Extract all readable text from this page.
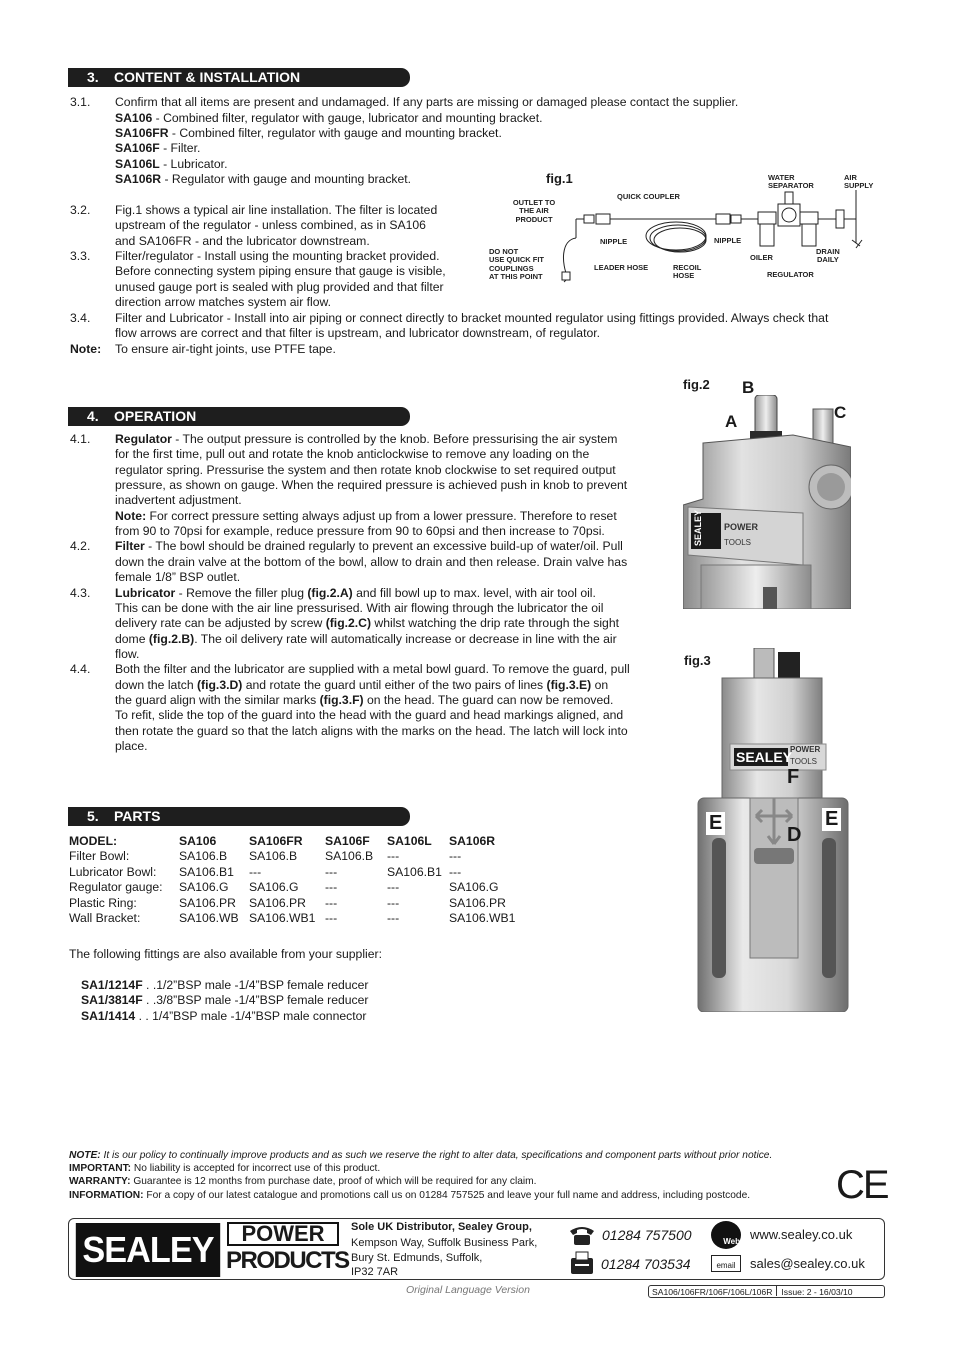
3. CONTENT & INSTALLATION
3.1. Confirm that all items are present and undamaged. If any parts are missing or damaged please contact the supplier.
SA106 - Combined filter, regulator with gauge, lubricator and mounting bracket.
SA106FR - Combined filter, regulator with gauge and mounting bracket.
SA106F - Filter.
SA106L - Lubricator.
SA106R - Regulator with gauge and mounting bracket.
3.2. Fig.1 shows a typical air line installation. The filter is located
upstream of the regulator - unless combined, as in SA106
and SA106FR - and the lubricator downstream.
3.3. Filter/regulator - Install using the mounting bracket provided.
Before connecting system piping ensure that gauge is visible,
unused gauge port is sealed with plug provided and that filter
direction arrow matches system air flow.
3.4. Filter and Lubricator - Install into air piping or connect directly to bracket mounted regulator using fittings provided. Always check that
flow arrows are correct and that filter is upstream, and lubricator downstream, of regulator.
Note: To ensure air-tight joints, use PTFE tape.
fig.1
OUTLET TO
THE AIR
PRODUCT
QUICK COUPLER
WATER
SEPARATOR
AIR
SUPPLY
NIPPLE	NIPPLE
DO NOT
USE QUICK FIT
COUPLINGS
AT THIS POINT
LEADER HOSE	RECOIL
HOSE
OILER
DRAIN
DAILY
REGULATOR
4. OPERATION
4.1. Regulator - The output pressure is controlled by the knob. Before pressurising the air system
for the first time, pull out and rotate the knob anticlockwise to remove any loading on the
regulator spring. Pressurise the system and then rotate knob clockwise to set required output
pressure, as shown on gauge. When the required pressure is achieved push in knob to prevent
inadvertent adjustment.
Note: For correct pressure setting always adjust up from a lower pressure. Therefore to reset
from 90 to 70psi for example, reduce pressure from 90 to 60psi and then increase to 70psi.
4.2. Filter - The bowl should be drained regularly to prevent an excessive build-up of water/oil. Pull
down the drain valve at the bottom of the bowl, allow to drain and then release. Drain valve has
female 1/8” BSP outlet.
4.3. Lubricator - Remove the filler plug (fig.2.A) and fill bowl up to max. level, with air tool oil.
This can be done with the air line pressurised. With air flowing through the lubricator the oil
delivery rate can be adjusted by screw (fig.2.C) whilst watching the drip rate through the sight
dome (fig.2.B). The oil delivery rate will automatically increase or decrease in line with the air
flow.
4.4. Both the filter and the lubricator are supplied with a metal bowl guard. To remove the guard, pull
down the latch (fig.3.D) and rotate the guard until either of the two pairs of lines (fig.3.E) on
the guard align with the similar marks (fig.3.F) on the head. The guard can now be removed.
To refit, slide the top of the guard into the head with the guard and head markings aligned, and
then rotate the guard so that the latch aligns with the marks on the head. The latch will lock into
place.
fig.2 B
A	C
SEALEY	POWER
TOOLS
fig.3
SEALEY
POWER
TOOLS
F
E	E
D
5. PARTS
MODEL:	SA106	SA106FR	SA106F	SA106L	SA106R
Filter Bowl:	SA106.B	SA106.B	SA106.B	---	---
Lubricator Bowl:	SA106.B1	---	---	SA106.B1	---
Regulator gauge:	SA106.G	SA106.G	---	---	SA106.G
Plastic Ring:	SA106.PR	SA106.PR	---	---	SA106.PR
Wall Bracket:	SA106.WB	SA106.WB1	---	---	SA106.WB1
The following fittings are also available from your supplier:
SA1/1214F . .1/2”BSP male -1/4”BSP female reducer
SA1/3814F . .3/8”BSP male -1/4”BSP female reducer
SA1/1414 . . 1/4”BSP male -1/4”BSP male connector
NOTE: It is our policy to continually improve products and as such we reserve the right to alter data, specifications and component parts without prior notice.
IMPORTANT: No liability is accepted for incorrect use of this product.
WARRANTY: Guarantee is 12 months from purchase date, proof of which will be required for any claim.
INFORMATION: For a copy of our latest catalogue and promotions call us on 01284 757525 and leave your full name and address, including postcode. CE
SEALEY	POWER
PRODUCTS
Sole UK Distributor, Sealey Group,
Kempson Way, Suffolk Business Park,
Bury St. Edmunds, Suffolk,
IP32 7AR
01284 757500
01284 703534
Web www.sealey.co.uk
email	sales@sealey.co.uk
Original Language Version	SA106/106FR/106F/106L/106R Issue: 2 - 16/03/10
